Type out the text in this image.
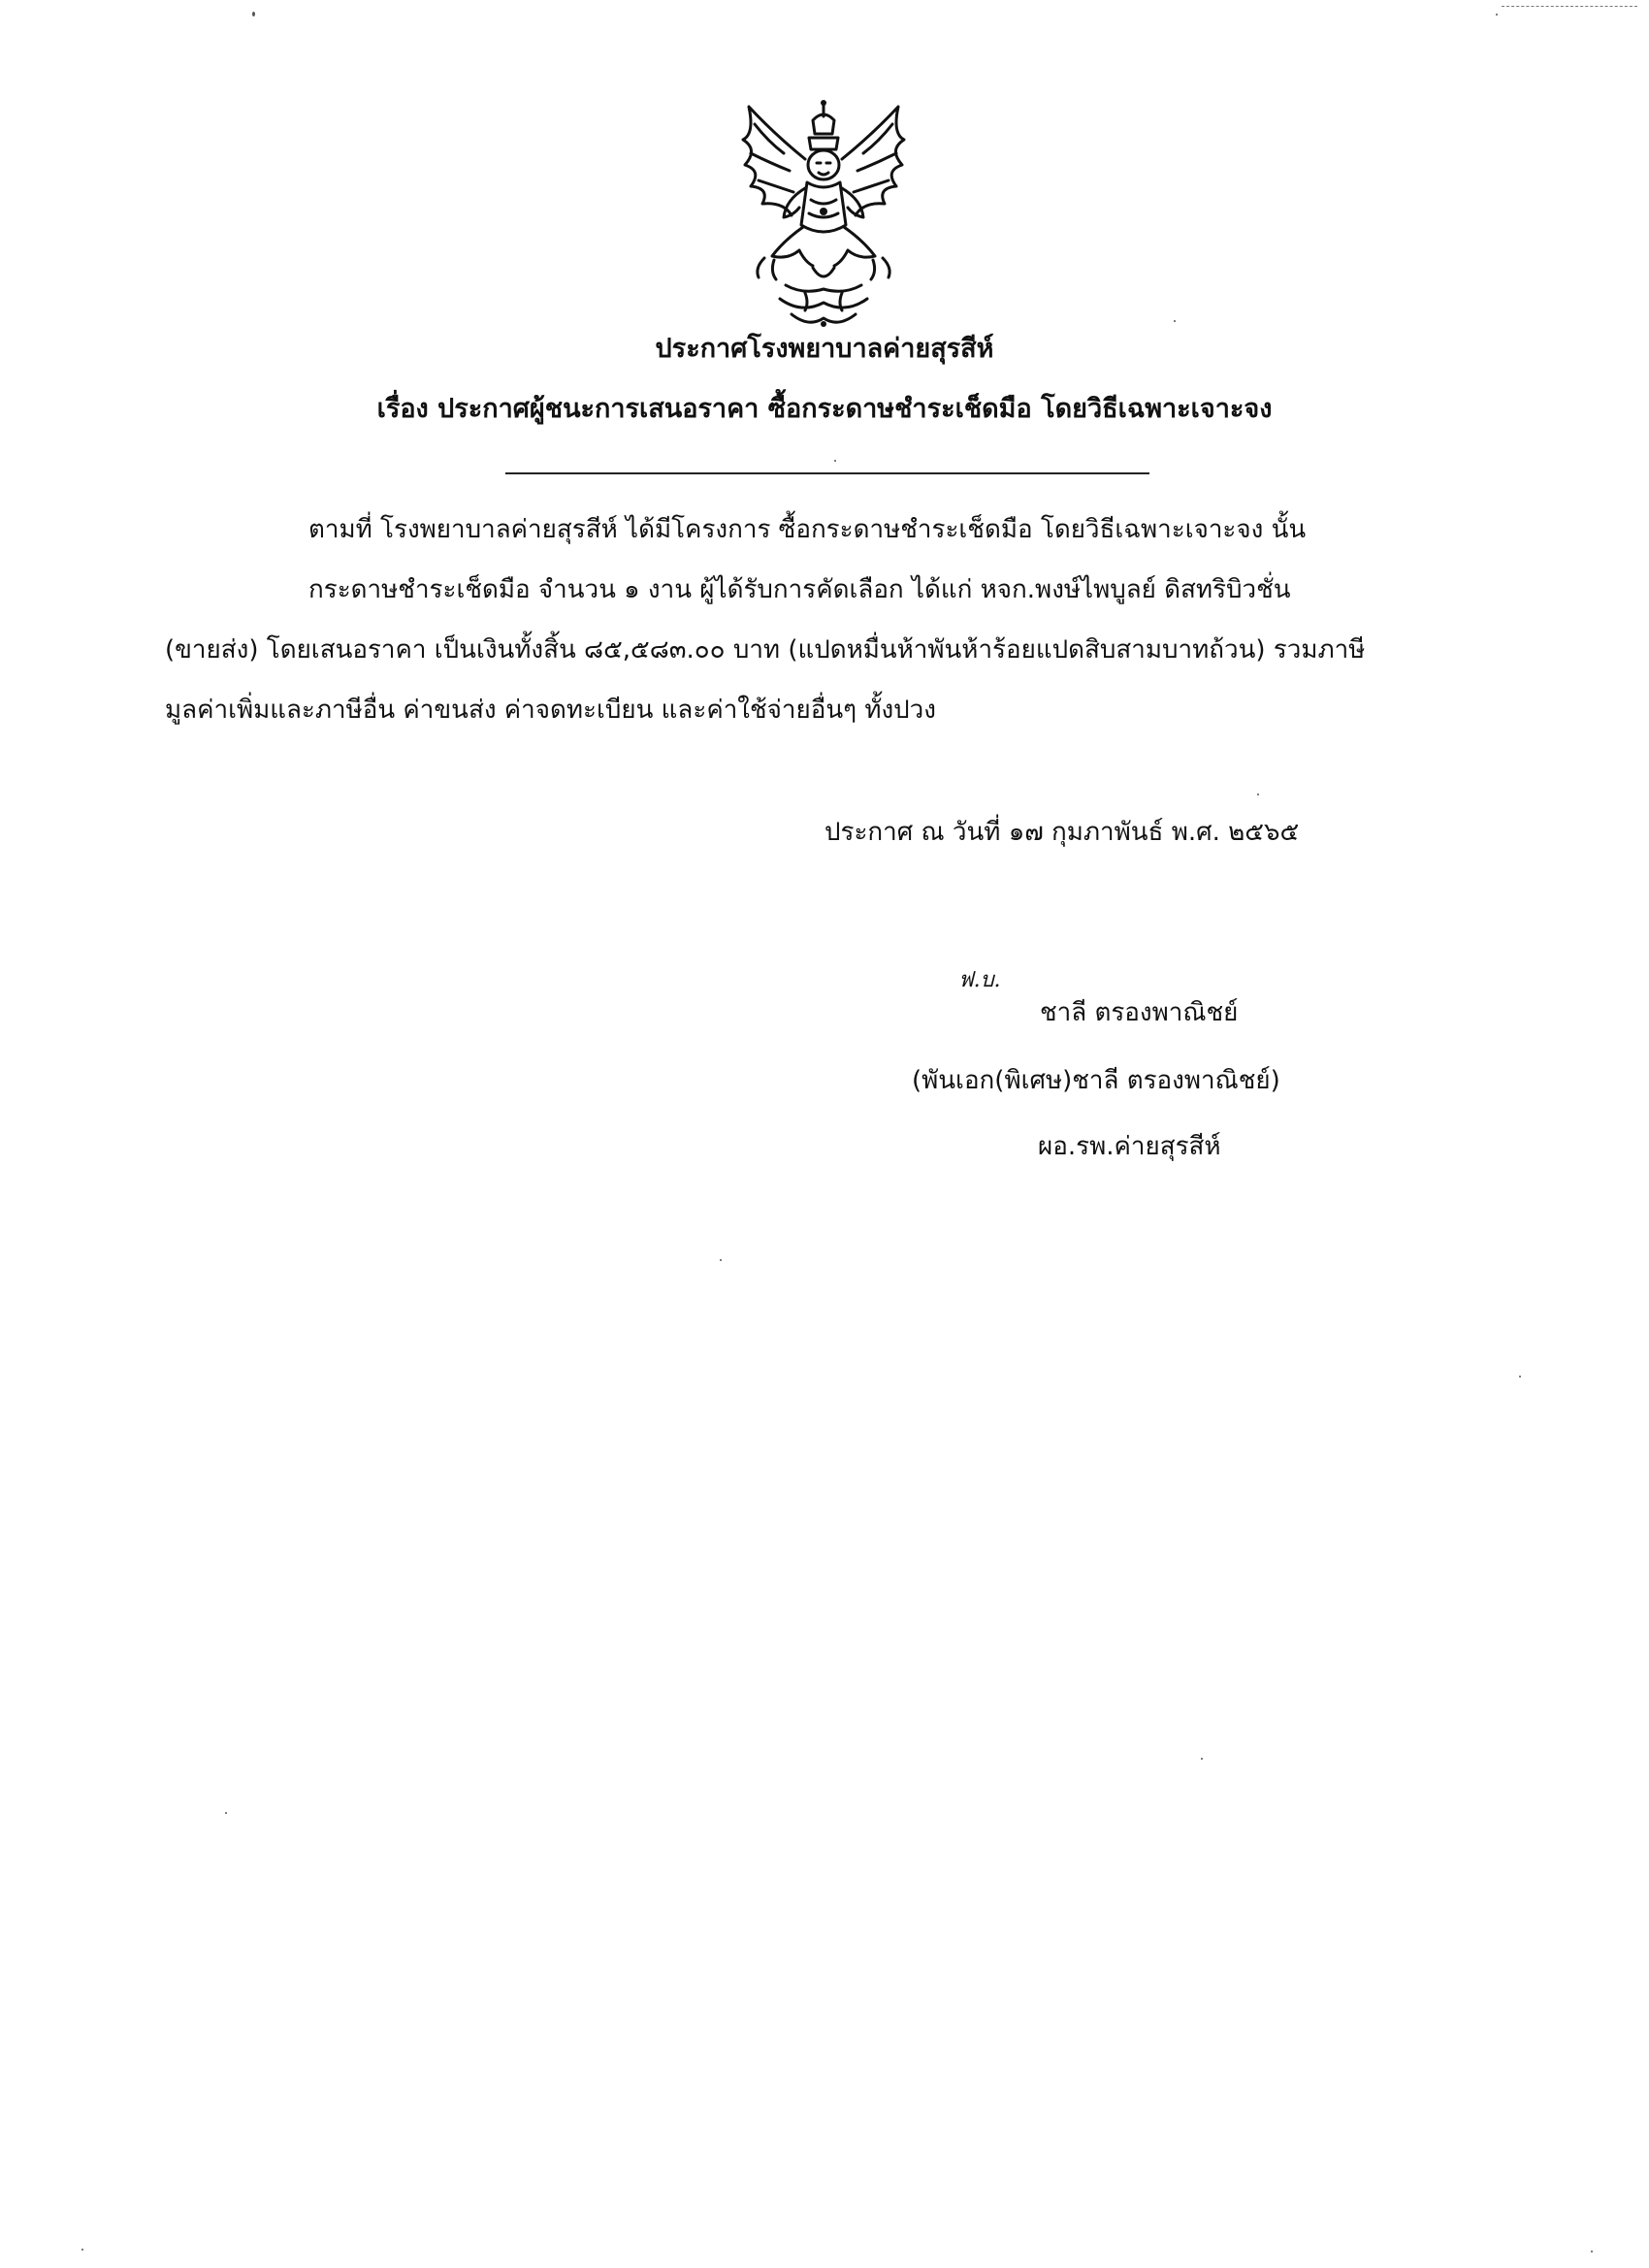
ประกาศโรงพยาบาลค่ายสุรสีห์
เรื่อง ประกาศผู้ชนะการเสนอราคา ซื้อกระดาษชำระเช็ดมือ โดยวิธีเฉพาะเจาะจง
ตามที่ โรงพยาบาลค่ายสุรสีห์ ได้มีโครงการ ซื้อกระดาษชำระเช็ดมือ โดยวิธีเฉพาะเจาะจง นั้น
กระดาษชำระเช็ดมือ จำนวน ๑ งาน ผู้ได้รับการคัดเลือก ได้แก่ หจก.พงษ์ไพบูลย์ ดิสทริบิวชั่น
(ขายส่ง) โดยเสนอราคา เป็นเงินทั้งสิ้น ๘๕,๕๘๓.๐๐ บาท (แปดหมื่นห้าพันห้าร้อยแปดสิบสามบาทถ้วน) รวมภาษี
มูลค่าเพิ่มและภาษีอื่น ค่าขนส่ง ค่าจดทะเบียน และค่าใช้จ่ายอื่นๆ ทั้งปวง
ประกาศ ณ วันที่ ๑๗ กุมภาพันธ์ พ.ศ. ๒๕๖๕
ฟ.บ.
ชาลี ตรองพาณิชย์
(พันเอก(พิเศษ)ชาลี ตรองพาณิชย์)
ผอ.รพ.ค่ายสุรสีห์
